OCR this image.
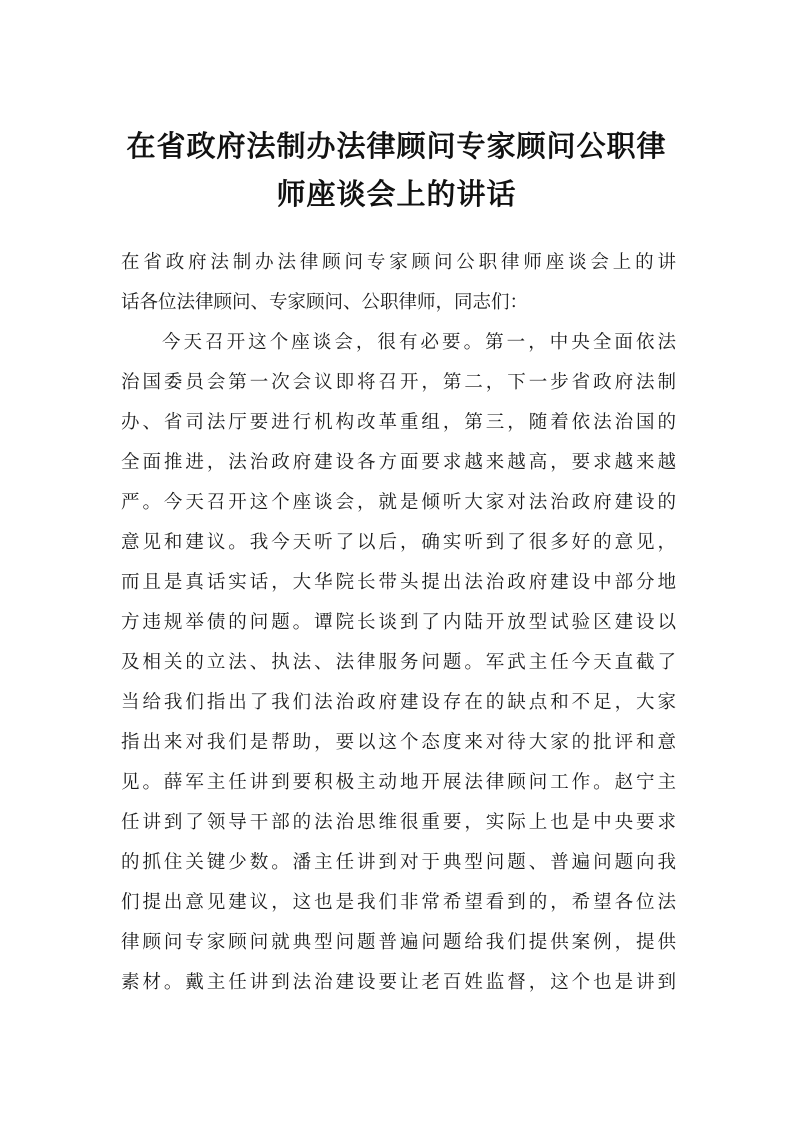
在省政府法制办法律顾问专家顾问公职律
师座谈会上的讲话
在省政府法制办法律顾问专家顾问公职律师座谈会上的讲
话各位法律顾问、专家顾问、公职律师，同志们：
今天召开这个座谈会，很有必要。第一，中央全面依法
治国委员会第一次会议即将召开，第二，下一步省政府法制
办、省司法厅要进行机构改革重组，第三，随着依法治国的
全面推进，法治政府建设各方面要求越来越高，要求越来越
严。今天召开这个座谈会，就是倾听大家对法治政府建设的
意见和建议。我今天听了以后，确实听到了很多好的意见，
而且是真话实话，大华院长带头提出法治政府建设中部分地
方违规举债的问题。谭院长谈到了内陆开放型试验区建设以
及相关的立法、执法、法律服务问题。军武主任今天直截了
当给我们指出了我们法治政府建设存在的缺点和不足，大家
指出来对我们是帮助，要以这个态度来对待大家的批评和意
见。薛军主任讲到要积极主动地开展法律顾问工作。赵宁主
任讲到了领导干部的法治思维很重要，实际上也是中央要求
的抓住关键少数。潘主任讲到对于典型问题、普遍问题向我
们提出意见建议，这也是我们非常希望看到的，希望各位法
律顾问专家顾问就典型问题普遍问题给我们提供案例，提供
素材。戴主任讲到法治建设要让老百姓监督，这个也是讲到
